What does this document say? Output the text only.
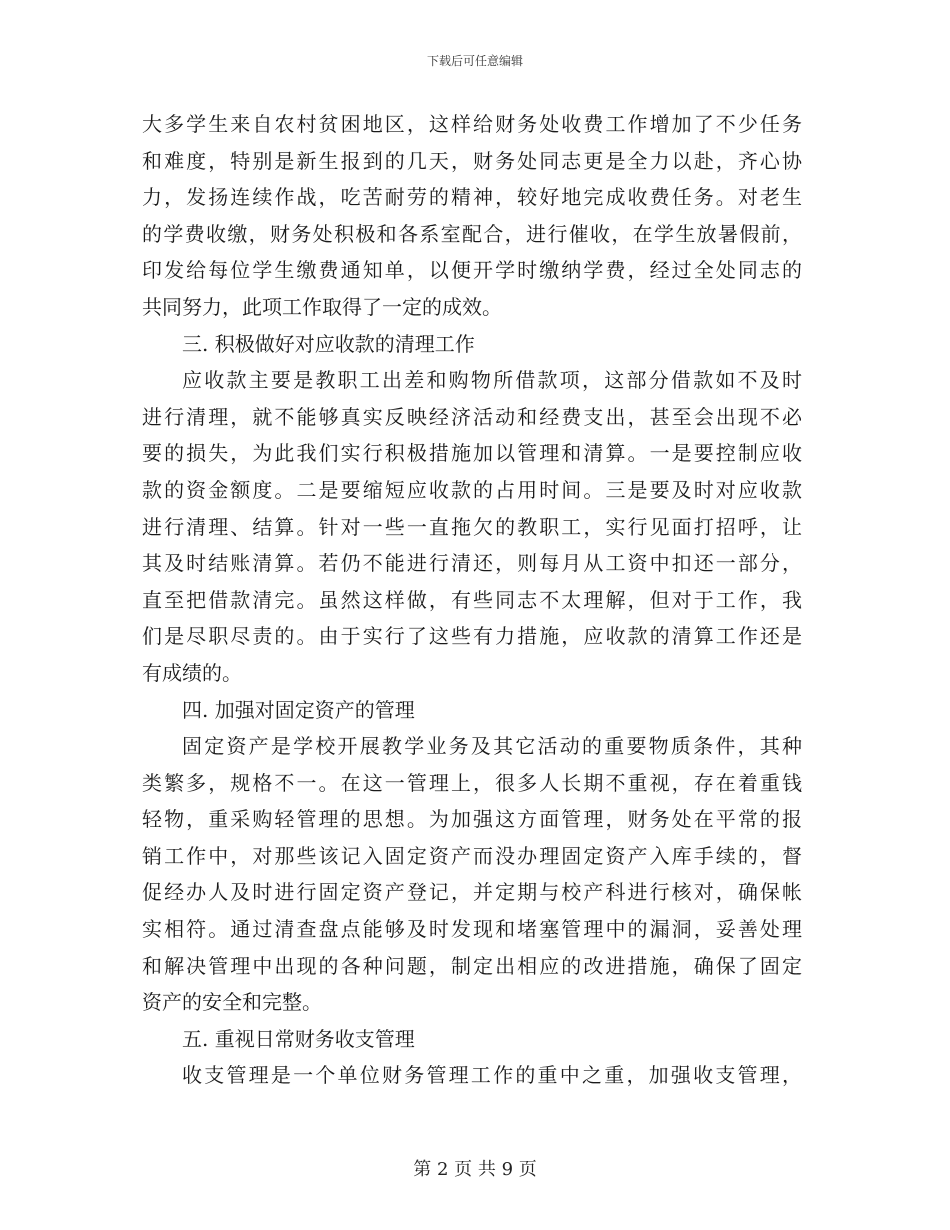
下载后可任意编辑
大多学生来自农村贫困地区，这样给财务处收费工作增加了不少任务
和难度，特别是新生报到的几天，财务处同志更是全力以赴，齐心协
力，发扬连续作战，吃苦耐劳的精神，较好地完成收费任务。对老生
的学费收缴，财务处积极和各系室配合，进行催收，在学生放暑假前，
印发给每位学生缴费通知单，以便开学时缴纳学费，经过全处同志的
共同努力，此项工作取得了一定的成效。
三. 积极做好对应收款的清理工作
应收款主要是教职工出差和购物所借款项，这部分借款如不及时
进行清理，就不能够真实反映经济活动和经费支出，甚至会出现不必
要的损失，为此我们实行积极措施加以管理和清算。一是要控制应收
款的资金额度。二是要缩短应收款的占用时间。三是要及时对应收款
进行清理、结算。针对一些一直拖欠的教职工，实行见面打招呼，让
其及时结账清算。若仍不能进行清还，则每月从工资中扣还一部分，
直至把借款清完。虽然这样做，有些同志不太理解，但对于工作，我
们是尽职尽责的。由于实行了这些有力措施，应收款的清算工作还是
有成绩的。
四. 加强对固定资产的管理
固定资产是学校开展教学业务及其它活动的重要物质条件，其种
类繁多，规格不一。在这一管理上，很多人长期不重视，存在着重钱
轻物，重采购轻管理的思想。为加强这方面管理，财务处在平常的报
销工作中，对那些该记入固定资产而没办理固定资产入库手续的，督
促经办人及时进行固定资产登记，并定期与校产科进行核对，确保帐
实相符。通过清查盘点能够及时发现和堵塞管理中的漏洞，妥善处理
和解决管理中出现的各种问题，制定出相应的改进措施，确保了固定
资产的安全和完整。
五. 重视日常财务收支管理
收支管理是一个单位财务管理工作的重中之重，加强收支管理，
第 2 页 共 9 页
